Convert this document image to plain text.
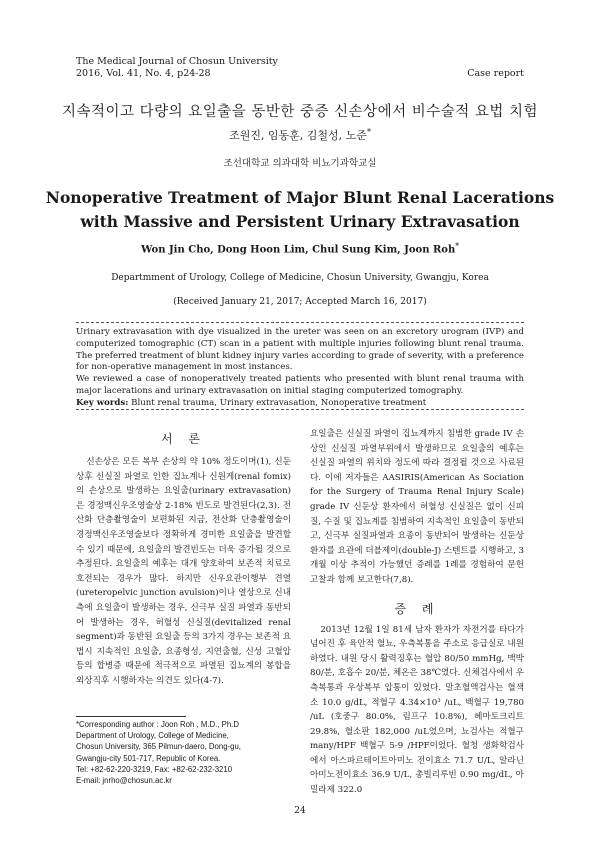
The Medical Journal of Chosun University
2016, Vol. 41, No. 4, p24-28	Case report
지속적이고 다량의 요일출을 동반한 중증 신손상에서 비수술적 요법 치험
조원진, 임동훈, 김철성, 노준*
조선대학교 의과대학 비뇨기과학교실
Nonoperative Treatment of Major Blunt Renal Lacerations
with Massive and Persistent Urinary Extravasation
Won Jin Cho, Dong Hoon Lim, Chul Sung Kim, Joon Roh*
Departmment of Urology, College of Medicine, Chosun University, Gwangju, Korea
(Received January 21, 2017; Accepted March 16, 2017)

Urinary extravasation with dye visualized in the ureter was seen on an excretory urogram (IVP) and computerized tomographic (CT) scan in a patient with multiple injuries following blunt renal trauma. The preferred treatment of blunt kidney injury varies according to grade of severity, with a preference for non-operative management in most instances.

We reviewed a case of nonoperatively treated patients who presented with blunt renal trauma with major lacerations and urinary extravasation on initial staging computerized tomography.

Key words: Blunt renal trauma, Urinary extravasation, Nonoperative treatment

서 론

신손상은 모든 복부 손상의 약 10% 정도이며(1), 신둔상후 신실질 파열로 인한 집뇨계나 신원게(renal fomix)의 손상으로 발생하는 요일출(urinary extravasation)은 경정맥신우조영술상 2-18% 빈도로 발견된다(2,3). 전산화 단층촬영술이 보편화된 지금, 전산화 단층촬영술이 경정맥신우조영술보다 정확하게 경미한 요일출을 발견할 수 있기 때문에, 요일출의 발견빈도는 더욱 증가될 것으로 추정된다. 요일출의 예후는 대개 양호하여 보존적 치료로 호전되는 경우가 많다. 하지만 신우요관이행부 견열(ureteropelvic junction avulsion)이나 열상으로 신내측에 요일출이 발생하는 경우, 신극부 실질 파열과 동반되어 발생하는 경우, 허혈성 신실질(devitalized renal segment)과 동반된 요일출 등의 3가지 경우는 보존적 요법시 지속적인 요일출, 요종형성, 지연출혈, 신성 고혈압 등의 합병증 때문에 적극적으로 파열된 집뇨계의 봉합을 외상직후 시행하자는 의견도 있다(4-7).

*Corresponding author : Joon Roh , M.D., Ph.D
Department of Urology, College of Medicine,
Chosun University, 365 Pilmun-daero, Dong-gu,
Gwangju-city 501-717, Republic of Korea.
Tel: +82-62-220-3219, Fax: +82-62-232-3210
E-mail: jnrho@chosun.ac.kr

요일출은 신실질 파열이 집뇨계까지 침범한 grade IV 손상인 신실질 파열부위에서 발생하므로 요일출의 예후는 신실질 파열의 위치와 정도에 따라 결정될 것으로 사료된다. 이에 저자들은 AASIRIS(American As Sociation for the Surgery of Trauma Renal Injury Scale) grade IV 신둔상 환자에서 허혈성 신실질은 없이 신피질, 수질 및 집뇨계를 침범하여 지속적인 요일출이 동반되고, 신극부 실질파열과 요종이 동반되어 발생하는 신둔상 환자를 요관에 더블제이(double-J) 스텐트를 시행하고, 3개월 이상 추적이 가능했던 증례를 1례를 경험하여 문헌고찰과 함께 보고한다(7,8).

증 례

2013년 12월 1일 81세 남자 환자가 자전거를 타다가 넘어진 후 육안적 혈뇨, 우측복통을 주소로 응급실로 내원하였다. 내원 당시 활력징후는 혈압 80/50 mmHg, 맥박 80/분, 호흡수 20/분, 체온은 38℃였다. 신체검사에서 우측복통과 우상복부 압통이 있었다. 말초혈액검사는 혈색소 10.0 g/dL, 적혈구 4.34×10³ /uL, 백혈구 19,780 /uL (호중구 80.0%, 림프구 10.8%), 헤마토크리트 29.8%, 혈소판 182,000 /uL였으며, 뇨검사는 적혈구 many/HPF 백혈구 5-9 /HPF이었다. 혈청 생화학검사에서 아스파르테이트아미노 전이효소 71.7 U/L, 알라닌아미노전이효소 36.9 U/L, 총빌리루빈 0.90 mg/dL, 아밀라제 322.0

24
